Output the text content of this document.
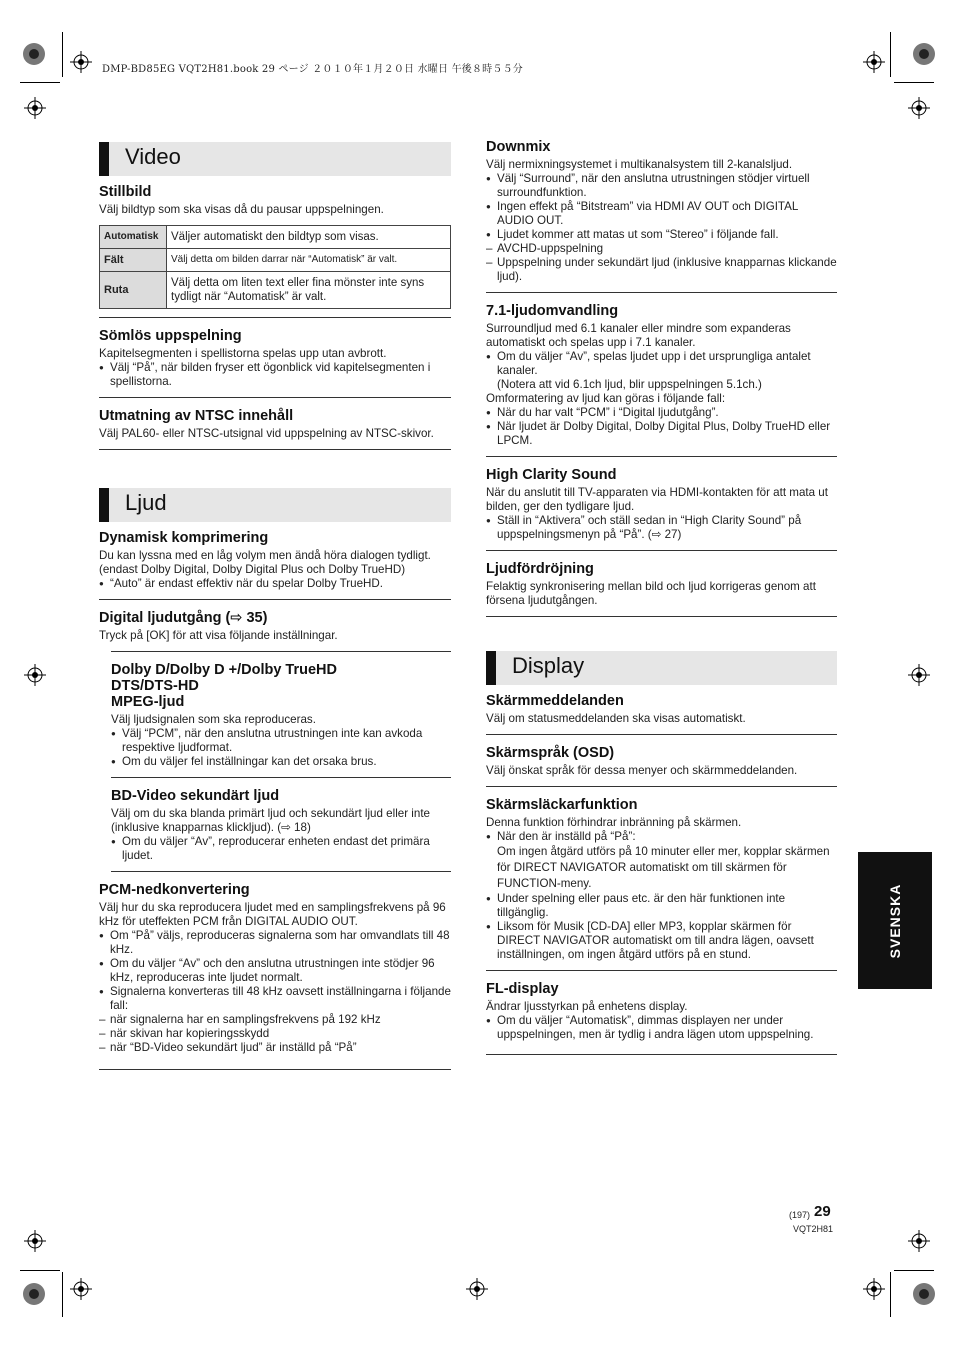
DMP-BD85EG VQT2H81.book 29 ページ ２０１０年１月２０日 水曜日 午後８時５５分
Video
Stillbild

Välj bildtyp som ska visas då du pausar uppspelningen.

Automatisk	Väljer automatiskt den bildtyp som visas.
Fält	Välj detta om bilden darrar när “Automatisk” är valt.
Ruta	Välj detta om liten text eller fina mönster inte syns tydligt när “Automatisk” är valt.
Sömlös uppspelning

Kapitelsegmenten i spellistorna spelas upp utan avbrott.

● Välj “På”, när bilden fryser ett ögonblick vid kapitelsegmenten i spellistorna.
Utmatning av NTSC innehåll

Välj PAL60- eller NTSC-utsignal vid uppspelning av NTSC-skivor.

Ljud
Dynamisk komprimering

Du kan lyssna med en låg volym men ändå höra dialogen tydligt.

(endast Dolby Digital, Dolby Digital Plus och Dolby TrueHD)

● “Auto” är endast effektiv när du spelar Dolby TrueHD.
Digital ljudutgång (⇨ 35)

Tryck på [OK] för att visa följande inställningar.

Dolby D/Dolby D +/Dolby TrueHD
DTS/DTS-HD
MPEG-ljud

Välj ljudsignalen som ska reproduceras.

● Välj “PCM”, när den anslutna utrustningen inte kan avkoda respektive ljudformat.
● Om du väljer fel inställningar kan det orsaka brus.
BD-Video sekundärt ljud

Välj om du ska blanda primärt ljud och sekundärt ljud eller inte (inklusive knapparnas klickljud). (⇨ 18)

● Om du väljer “Av”, reproducerar enheten endast det primära ljudet.
PCM-nedkonvertering

Välj hur du ska reproducera ljudet med en samplingsfrekvens på 96 kHz för uteffekten PCM från DIGITAL AUDIO OUT.

● Om “På” väljs, reproduceras signalerna som har omvandlats till 48 kHz.
● Om du väljer “Av” och den anslutna utrustningen inte stödjer 96 kHz, reproduceras inte ljudet normalt.
● Signalerna konverteras till 48 kHz oavsett inställningarna i följande fall:
– när signalerna har en samplingsfrekvens på 192 kHz
– när skivan har kopieringsskydd
– när “BD-Video sekundärt ljud” är inställd på “På”
Downmix

Välj nermixningsystemet i multikanalsystem till 2-kanalsljud.

● Välj “Surround”, när den anslutna utrustningen stödjer virtuell surroundfunktion.
● Ingen effekt på “Bitstream” via HDMI AV OUT och DIGITAL AUDIO OUT.
● Ljudet kommer att matas ut som “Stereo” i följande fall.
– AVCHD-uppspelning
– Uppspelning under sekundärt ljud (inklusive knapparnas klickande ljud).
7.1-ljudomvandling

Surroundljud med 6.1 kanaler eller mindre som expanderas automatiskt och spelas upp i 7.1 kanaler.

● Om du väljer “Av”, spelas ljudet upp i det ursprungliga antalet kanaler.
(Notera att vid 6.1ch ljud, blir uppspelningen 5.1ch.)

Omformatering av ljud kan göras i följande fall:

● När du har valt “PCM” i “Digital ljudutgång”.
● När ljudet är Dolby Digital, Dolby Digital Plus, Dolby TrueHD eller LPCM.
High Clarity Sound

När du anslutit till TV-apparaten via HDMI-kontakten för att mata ut bilden, ger den tydligare ljud.

● Ställ in “Aktivera” och ställ sedan in “High Clarity Sound” på uppspelningsmenyn på “På”. (⇨ 27)
Ljudfördröjning

Felaktig synkronisering mellan bild och ljud korrigeras genom att försena ljudutgången.

Display
Skärmmeddelanden

Välj om statusmeddelanden ska visas automatiskt.

Skärmspråk (OSD)

Välj önskat språk för dessa menyer och skärmmeddelanden.

Skärmsläckarfunktion

Denna funktion förhindrar inbränning på skärmen.

● När den är inställd på “På”:
Om ingen åtgärd utförs på 10 minuter eller mer, kopplar skärmen för DIRECT NAVIGATOR automatiskt om till skärmen för FUNCTION-meny.
● Under spelning eller paus etc. är den här funktionen inte tillgänglig.
● Liksom för Musik [CD-DA] eller MP3, kopplar skärmen för DIRECT NAVIGATOR automatiskt om till andra lägen, oavsett inställningen, om ingen åtgärd utförs på en stund.
FL-display

Ändrar ljusstyrkan på enhetens display.

● Om du väljer “Automatisk”, dimmas displayen ner under uppspelningen, men är tydlig i andra lägen utom uppspelning.
SVENSKA
(197) 29
VQT2H81
